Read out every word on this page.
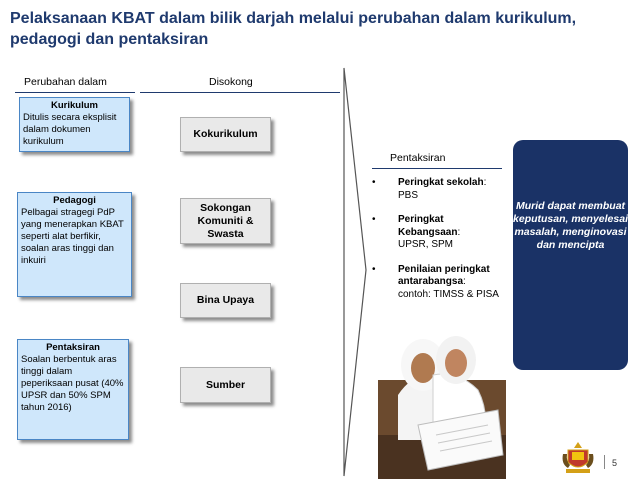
Pelaksanaan KBAT dalam bilik darjah melalui perubahan dalam kurikulum, pedagogi dan pentaksiran
Perubahan dalam	Disokong
Pentaksiran
Kurikulum
Ditulis secara eksplisit dalam dokumen kurikulum
Pedagogi
Pelbagai stragegi PdP yang menerapkan KBAT seperti alat berfikir, soalan aras tinggi dan inkuiri
Pentaksiran
Soalan berbentuk aras tinggi dalam peperiksaan pusat (40% UPSR dan 50% SPM tahun 2016)
Kokurikulum
Sokongan Komuniti & Swasta
Bina Upaya
Sumber
• Peringkat sekolah:
PBS
• Peringkat Kebangsaan:
UPSR, SPM
• Penilaian peringkat antarabangsa:
contoh: TIMSS & PISA
Murid dapat membuat keputusan, menyelesai masalah, menginovasi dan mencipta
5
